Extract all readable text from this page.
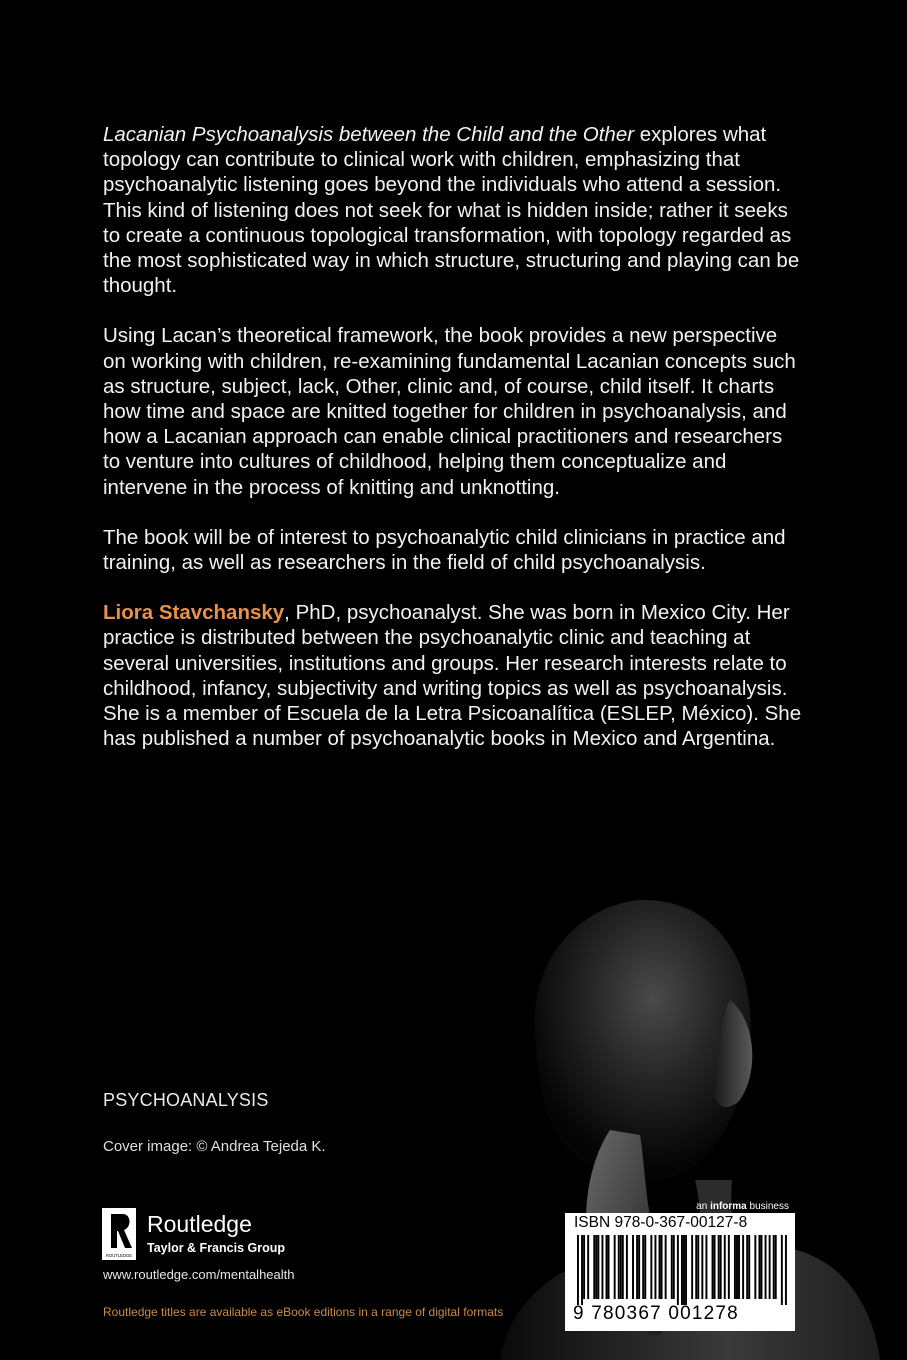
Lacanian Psychoanalysis between the Child and the Other explores what topology can contribute to clinical work with children, emphasizing that psychoanalytic listening goes beyond the individuals who attend a session. This kind of listening does not seek for what is hidden inside; rather it seeks to create a continuous topological transformation, with topology regarded as the most sophisticated way in which structure, structuring and playing can be thought.

Using Lacan’s theoretical framework, the book provides a new perspective on working with children, re-examining fundamental Lacanian concepts such as structure, subject, lack, Other, clinic and, of course, child itself. It charts how time and space are knitted together for children in psychoanalysis, and how a Lacanian approach can enable clinical practitioners and researchers to venture into cultures of childhood, helping them conceptualize and intervene in the process of knitting and unknotting.

The book will be of interest to psychoanalytic child clinicians in practice and training, as well as researchers in the field of child psychoanalysis.

Liora Stavchansky, PhD, psychoanalyst. She was born in Mexico City. Her practice is distributed between the psychoanalytic clinic and teaching at several universities, institutions and groups. Her research interests relate to childhood, infancy, subjectivity and writing topics as well as psychoanalysis. She is a member of Escuela de la Letra Psicoanalítica (ESLEP, México). She has published a number of psychoanalytic books in Mexico and Argentina.

PSYCHOANALYSIS
Cover image: © Andrea Tejeda K.
ROUTLEDGE
Routledge
Taylor & Francis Group
www.routledge.com/mentalhealth
Routledge titles are available as eBook editions in a range of digital formats
an informa business
ISBN 978-0-367-00127-8
9 780367 001278
